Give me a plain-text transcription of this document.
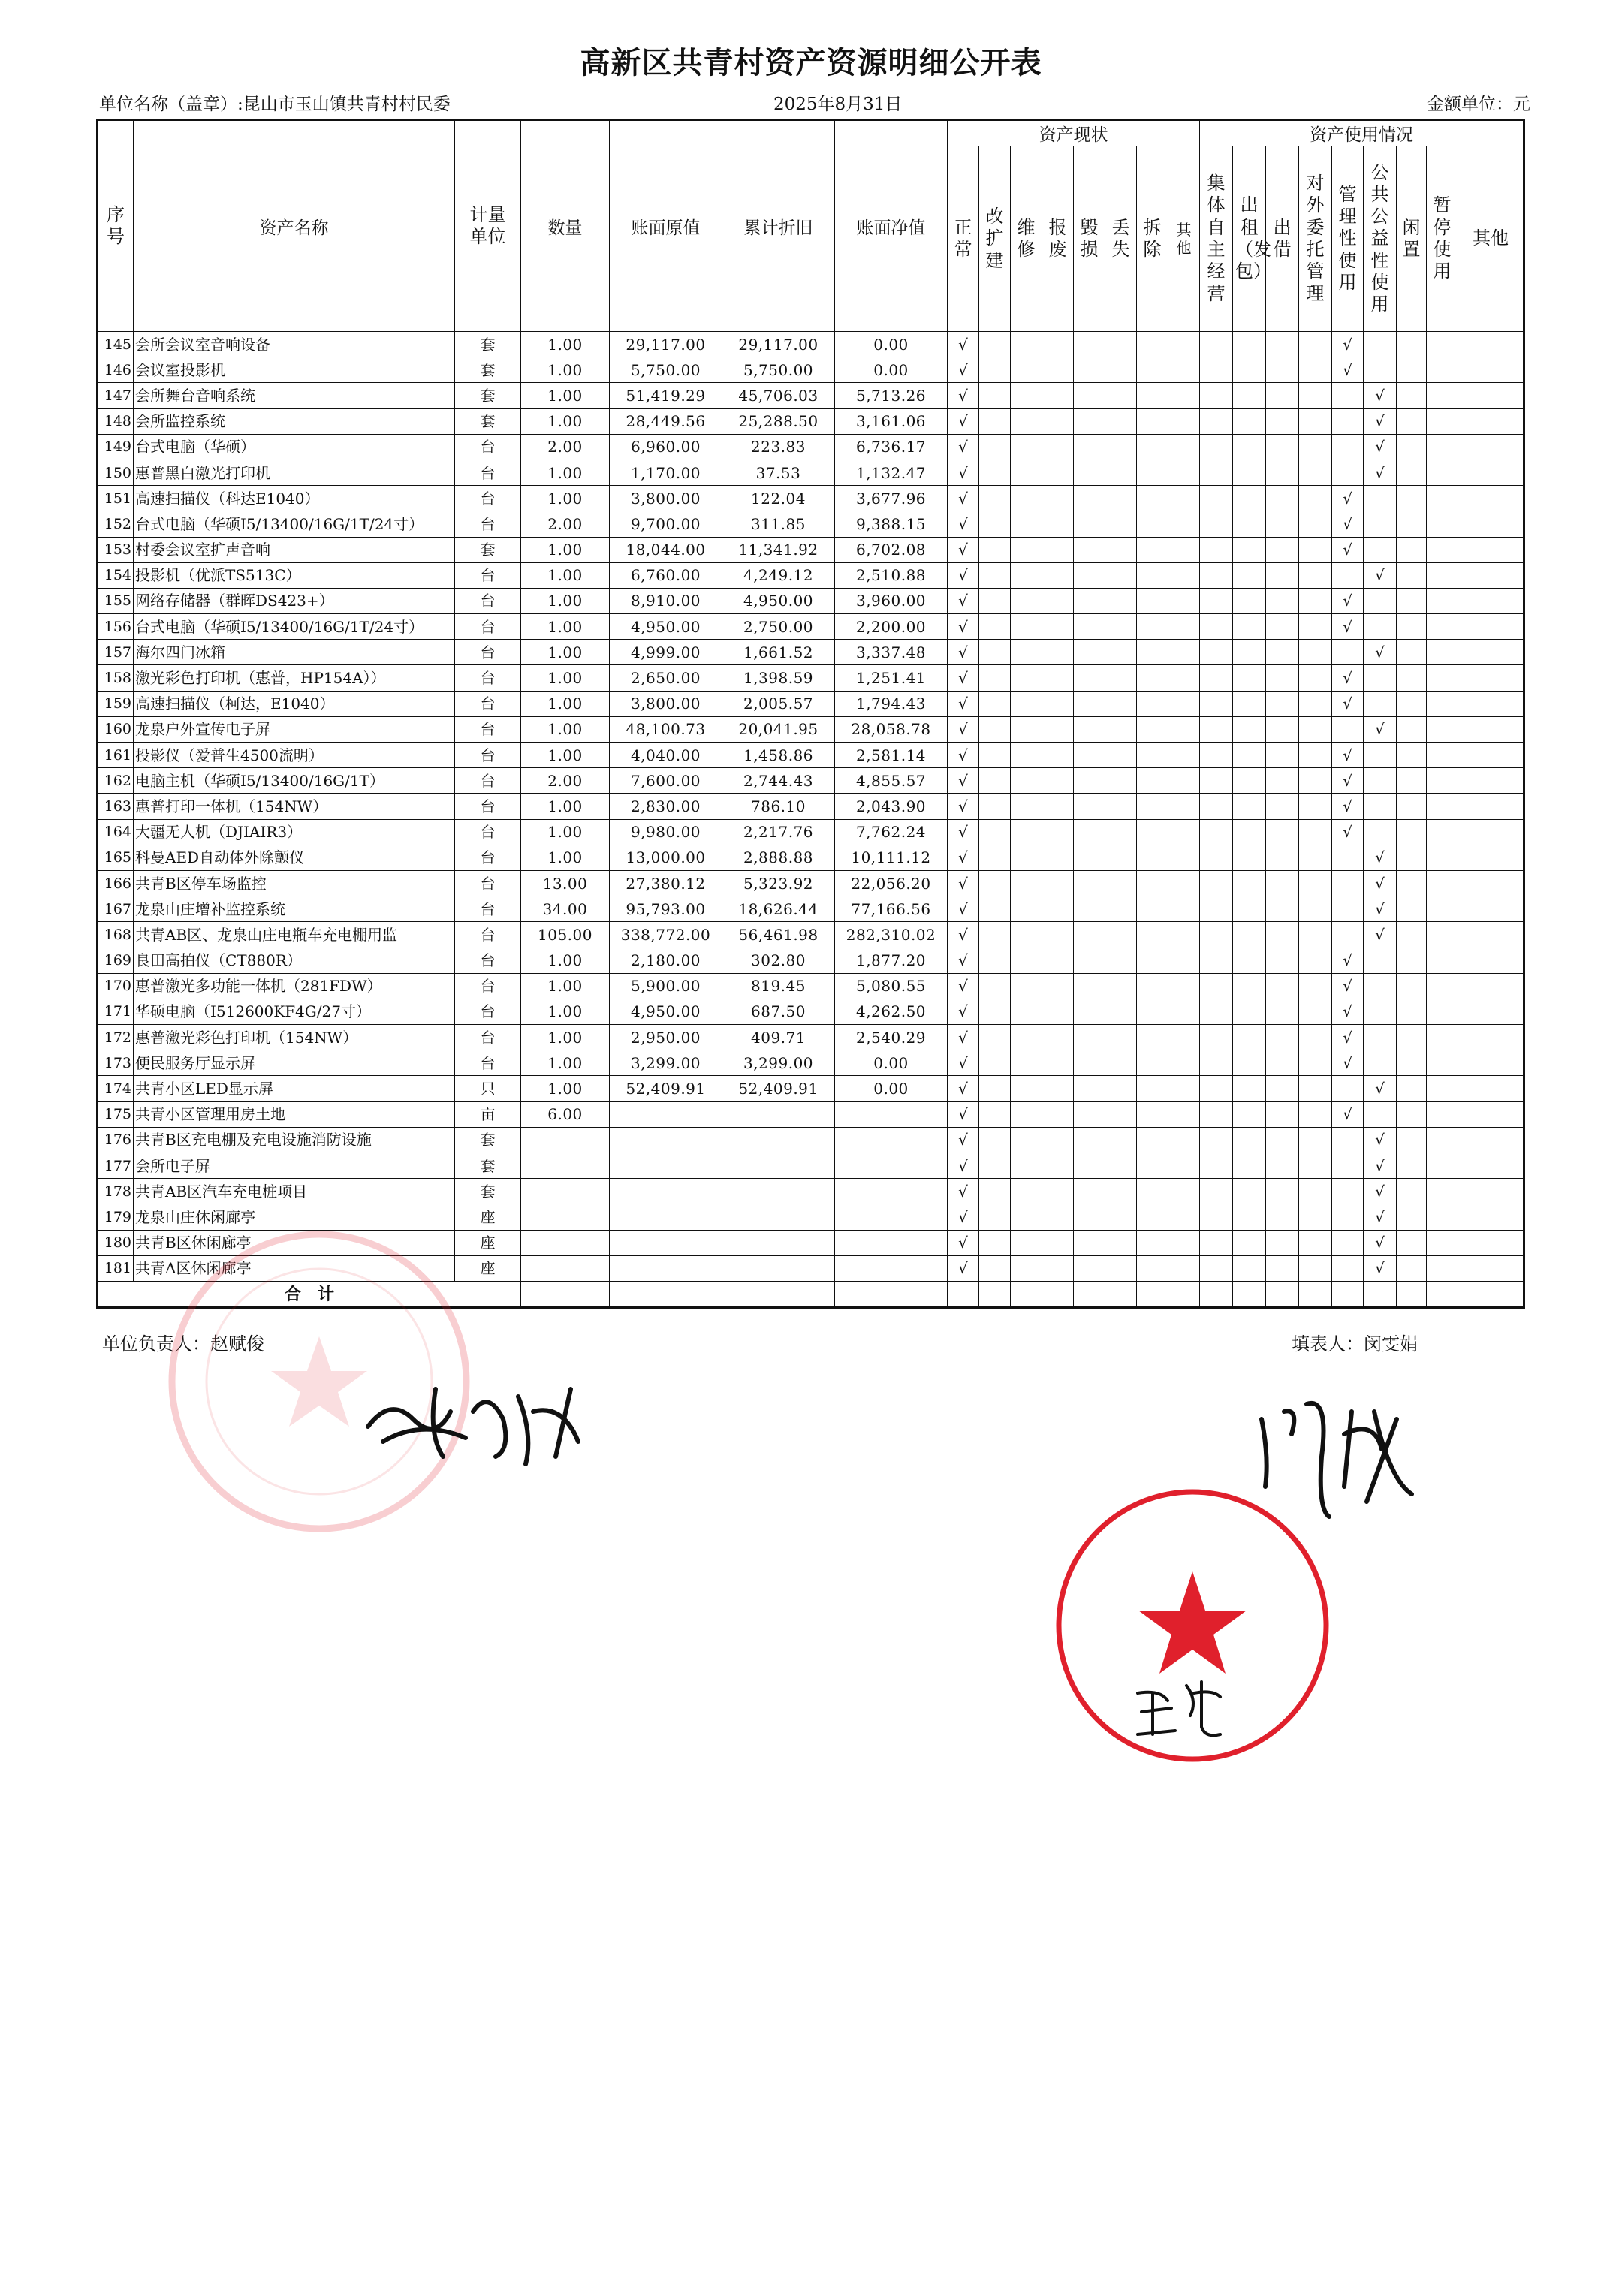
高新区共青村资产资源明细公开表
单位名称（盖章）:昆山市玉山镇共青村村民委	2025年8月31日	金额单位：元
序号	资产名称	计量单位	数量	账面原值	累计折旧	账面净值	资产现状								资产使用情况								
							正常	改扩建	维修	报废	毁损	丢失	拆除	其他	集体自主经营	出租（发包）	出借	对外委托管理	管理性使用	公共公益性使用	闲置	暂停使用	其他
145	会所会议室音响设备	套	1.00	29,117.00	29,117.00	0.00	√												√				
146	会议室投影机	套	1.00	5,750.00	5,750.00	0.00	√												√				
147	会所舞台音响系统	套	1.00	51,419.29	45,706.03	5,713.26	√													√			
148	会所监控系统	套	1.00	28,449.56	25,288.50	3,161.06	√													√			
149	台式电脑（华硕）	台	2.00	6,960.00	223.83	6,736.17	√													√			
150	惠普黑白激光打印机	台	1.00	1,170.00	37.53	1,132.47	√													√			
151	高速扫描仪（科达E1040）	台	1.00	3,800.00	122.04	3,677.96	√												√				
152	台式电脑（华硕I5/13400/16G/1T/24寸）	台	2.00	9,700.00	311.85	9,388.15	√												√				
153	村委会议室扩声音响	套	1.00	18,044.00	11,341.92	6,702.08	√												√				
154	投影机（优派TS513C）	台	1.00	6,760.00	4,249.12	2,510.88	√													√			
155	网络存储器（群晖DS423+）	台	1.00	8,910.00	4,950.00	3,960.00	√												√				
156	台式电脑（华硕I5/13400/16G/1T/24寸）	台	1.00	4,950.00	2,750.00	2,200.00	√												√				
157	海尔四门冰箱	台	1.00	4,999.00	1,661.52	3,337.48	√													√			
158	激光彩色打印机（惠普，HP154A））	台	1.00	2,650.00	1,398.59	1,251.41	√												√				
159	高速扫描仪（柯达，E1040）	台	1.00	3,800.00	2,005.57	1,794.43	√												√				
160	龙泉户外宣传电子屏	台	1.00	48,100.73	20,041.95	28,058.78	√													√			
161	投影仪（爱普生4500流明）	台	1.00	4,040.00	1,458.86	2,581.14	√												√				
162	电脑主机（华硕I5/13400/16G/1T）	台	2.00	7,600.00	2,744.43	4,855.57	√												√				
163	惠普打印一体机（154NW）	台	1.00	2,830.00	786.10	2,043.90	√												√				
164	大疆无人机（DJIAIR3）	台	1.00	9,980.00	2,217.76	7,762.24	√												√				
165	科曼AED自动体外除颤仪	台	1.00	13,000.00	2,888.88	10,111.12	√													√			
166	共青B区停车场监控	台	13.00	27,380.12	5,323.92	22,056.20	√													√			
167	龙泉山庄增补监控系统	台	34.00	95,793.00	18,626.44	77,166.56	√													√			
168	共青AB区、龙泉山庄电瓶车充电棚用监	台	105.00	338,772.00	56,461.98	282,310.02	√													√			
169	良田高拍仪（CT880R）	台	1.00	2,180.00	302.80	1,877.20	√												√				
170	惠普激光多功能一体机（281FDW）	台	1.00	5,900.00	819.45	5,080.55	√												√				
171	华硕电脑（I512600KF4G/27寸）	台	1.00	4,950.00	687.50	4,262.50	√												√				
172	惠普激光彩色打印机（154NW）	台	1.00	2,950.00	409.71	2,540.29	√												√				
173	便民服务厅显示屏	台	1.00	3,299.00	3,299.00	0.00	√												√				
174	共青小区LED显示屏	只	1.00	52,409.91	52,409.91	0.00	√													√			
175	共青小区管理用房土地	亩	6.00				√												√				
176	共青B区充电棚及充电设施消防设施	套					√													√			
177	会所电子屏	套					√													√			
178	共青AB区汽车充电桩项目	套					√													√			
179	龙泉山庄休闲廊亭	座					√													√			
180	共青B区休闲廊亭	座					√													√			
181	共青A区休闲廊亭	座					√													√			
合　计																							
单位负责人：赵赋俊	填表人：闵雯娟
